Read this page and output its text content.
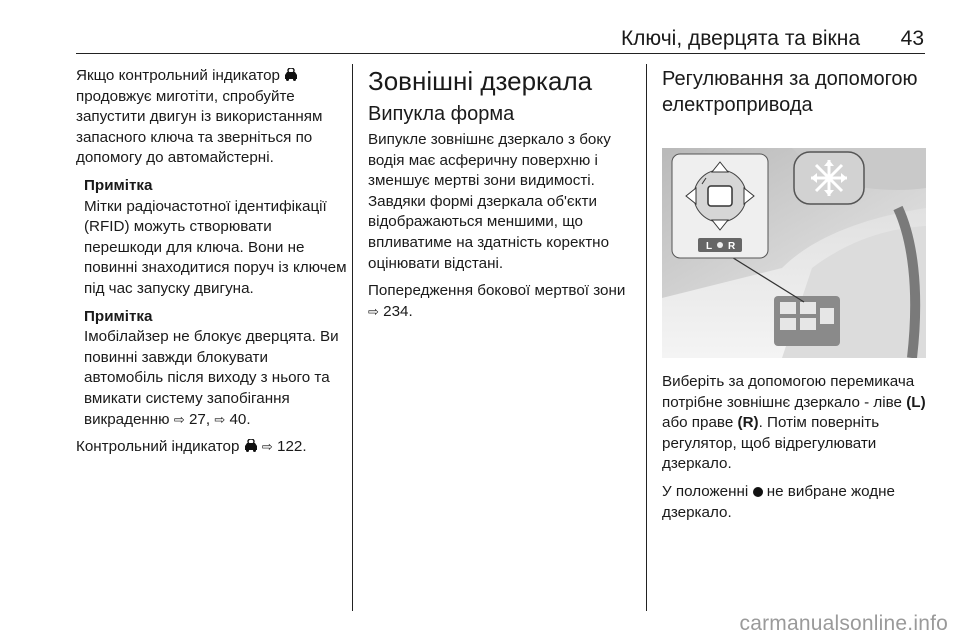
Ключі, дверцята та вікна 43

Якщо контрольний індикатор  продовжує миготіти, спробуйте запустити двигун із використанням запасного ключа та зверніться по допомогу до автомайстерні.

Примітка

Мітки радіочастотної ідентифікації (RFID) можуть створювати перешкоди для ключа. Вони не повинні знаходитися поруч із ключем під час запуску двигуна.

Примітка

Імобілайзер не блокує дверцята. Ви повинні завжди блокувати автомобіль після виходу з нього та вмикати систему запобігання викраденню ⇨ 27, ⇨ 40.

Контрольний індикатор ⇨ 122.

Зовнішні дзеркала
Випукла форма

Випукле зовнішнє дзеркало з боку водія має асферичну поверхню і зменшує мертві зони видимості. Завдяки формі дзеркала об'єкти відображаються меншими, що впливатиме на здатність коректно оцінювати відстані.

Попередження бокової мертвої зони ⇨ 234.

Регулювання за допомогою електропривода
L R

Виберіть за допомогою перемикача потрібне зовнішнє дзеркало - ліве (L) або праве (R). Потім поверніть регулятор, щоб відрегулювати дзеркало.

У положенні не вибране жодне дзеркало.

carmanualsonline.info
